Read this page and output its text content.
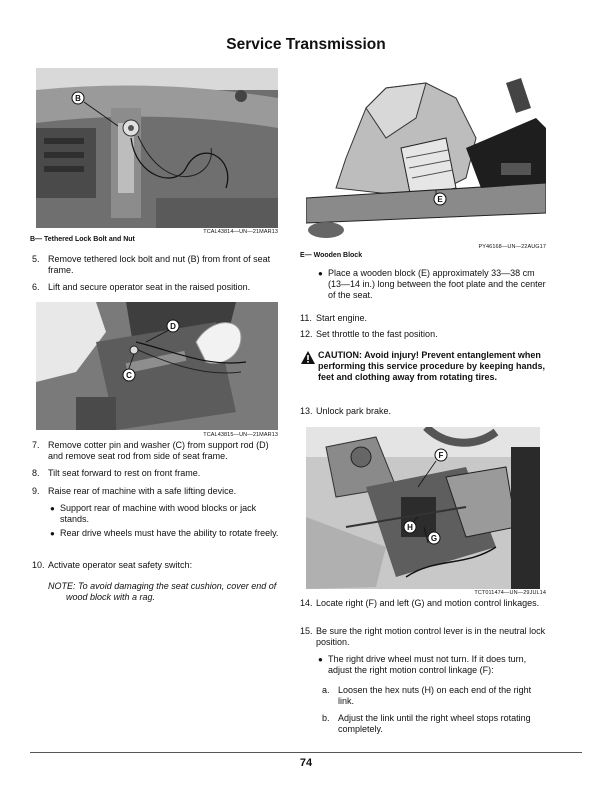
Service Transmission
B
TCAL43814—UN—21MAR13
B— Tethered Lock Bolt and Nut
5. Remove tethered lock bolt and nut (B) from front of seat frame.
6. Lift and secure operator seat in the raised position.
D
C
TCAL43815—UN—21MAR13
7. Remove cotter pin and washer (C) from support rod (D) and remove seat rod from side of seat frame.
8. Tilt seat forward to rest on front frame.
9. Raise rear of machine with a safe lifting device.
● Support rear of machine with wood blocks or jack stands.
● Rear drive wheels must have the ability to rotate freely.
10. Activate operator seat safety switch:
NOTE: To avoid damaging the seat cushion, cover end of wood block with a rag.
E
PY46168—UN—22AUG17
E— Wooden Block
● Place a wooden block (E) approximately 33—38 cm (13—14 in.) long between the foot plate and the center of the seat.
11. Start engine.
12. Set throttle to the fast position.
CAUTION: Avoid injury! Prevent entanglement when performing this service procedure by keeping hands, feet and clothing away from rotating tires.
13. Unlock park brake.
F
H
G
TCT011474—UN—29JUL14
14. Locate right (F) and left (G) and motion control linkages.
15. Be sure the right motion control lever is in the neutral lock position.
● The right drive wheel must not turn. If it does turn, adjust the right motion control linkage (F):
a. Loosen the hex nuts (H) on each end of the right link.
b. Adjust the link until the right wheel stops rotating completely.
74
